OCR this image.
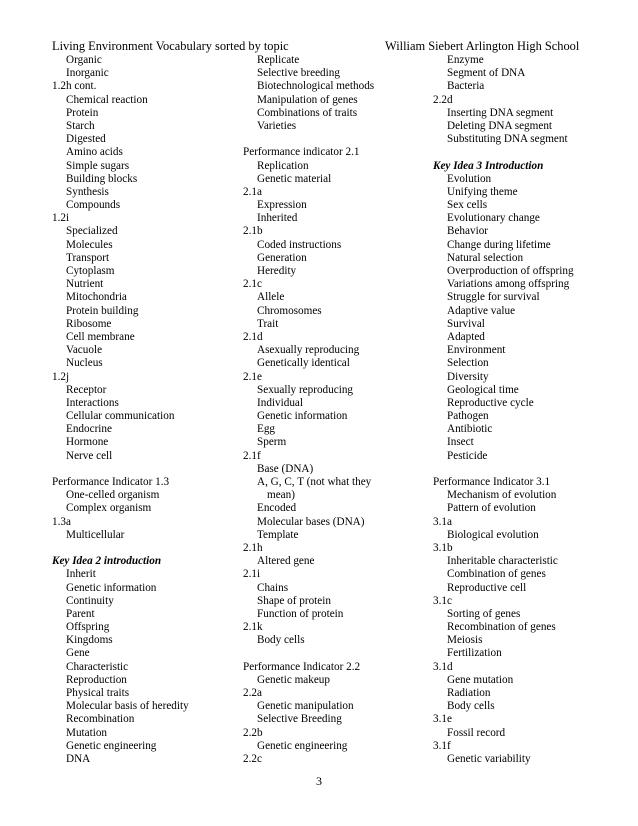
Living Environment Vocabulary sorted by topic	William Siebert Arlington High School
Organic
Inorganic
1.2h cont.
Chemical reaction
Protein
Starch
Digested
Amino acids
Simple sugars
Building blocks
Synthesis
Compounds
1.2i
Specialized
Molecules
Transport
Cytoplasm
Nutrient
Mitochondria
Protein building
Ribosome
Cell membrane
Vacuole
Nucleus
1.2j
Receptor
Interactions
Cellular communication
Endocrine
Hormone
Nerve cell
Performance Indicator 1.3
One-celled organism
Complex organism
1.3a
Multicellular
Key Idea 2 introduction
Inherit
Genetic information
Continuity
Parent
Offspring
Kingdoms
Gene
Characteristic
Reproduction
Physical traits
Molecular basis of heredity
Recombination
Mutation
Genetic engineering
DNA
Replicate
Selective breeding
Biotechnological methods
Manipulation of genes
Combinations of traits
Varieties
Performance indicator 2.1
Replication
Genetic material
2.1a
Expression
Inherited
2.1b
Coded instructions
Generation
Heredity
2.1c
Allele
Chromosomes
Trait
2.1d
Asexually reproducing
Genetically identical
2.1e
Sexually reproducing
Individual
Genetic information
Egg
Sperm
2.1f
Base (DNA)
A, G, C, T (not what they
mean)
Encoded
Molecular bases (DNA)
Template
2.1h
Altered gene
2.1i
Chains
Shape of protein
Function of protein
2.1k
Body cells
Performance Indicator 2.2
Genetic makeup
2.2a
Genetic manipulation
Selective Breeding
2.2b
Genetic engineering
2.2c
Enzyme
Segment of DNA
Bacteria
2.2d
Inserting DNA segment
Deleting DNA segment
Substituting DNA segment
Key Idea 3 Introduction
Evolution
Unifying theme
Sex cells
Evolutionary change
Behavior
Change during lifetime
Natural selection
Overproduction of offspring
Variations among offspring
Struggle for survival
Adaptive value
Survival
Adapted
Environment
Selection
Diversity
Geological time
Reproductive cycle
Pathogen
Antibiotic
Insect
Pesticide
Performance Indicator 3.1
Mechanism of evolution
Pattern of evolution
3.1a
Biological evolution
3.1b
Inheritable characteristic
Combination of genes
Reproductive cell
3.1c
Sorting of genes
Recombination of genes
Meiosis
Fertilization
3.1d
Gene mutation
Radiation
Body cells
3.1e
Fossil record
3.1f
Genetic variability
3
